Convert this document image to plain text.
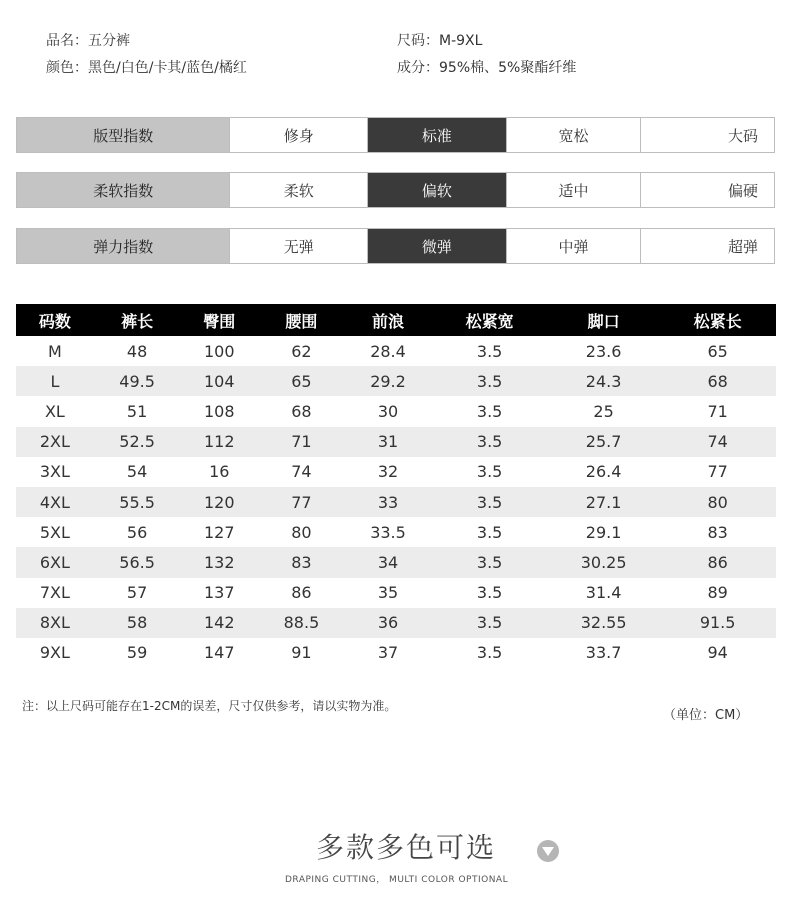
品名：五分裤	尺码：M-9XL
颜色：黑色/白色/卡其/蓝色/橘红	成分：95%棉、5%聚酯纤维
版型指数	修身	标准	宽松	大码
柔软指数	柔软	偏软	适中	偏硬
弹力指数	无弹	微弹	中弹	超弹
码数	裤长	臀围	腰围	前浪	松紧宽	脚口	松紧长
M	48	100	62	28.4	3.5	23.6	65
L	49.5	104	65	29.2	3.5	24.3	68
XL	51	108	68	30	3.5	25	71
2XL	52.5	112	71	31	3.5	25.7	74
3XL	54	16	74	32	3.5	26.4	77
4XL	55.5	120	77	33	3.5	27.1	80
5XL	56	127	80	33.5	3.5	29.1	83
6XL	56.5	132	83	34	3.5	30.25	86
7XL	57	137	86	35	3.5	31.4	89
8XL	58	142	88.5	36	3.5	32.55	91.5
9XL	59	147	91	37	3.5	33.7	94
注：以上尺码可能存在1-2CM的误差，尺寸仅供参考，请以实物为准。
（单位：CM）
多款多色可选
DRAPING CUTTING， MULTI COLOR OPTIONAL
